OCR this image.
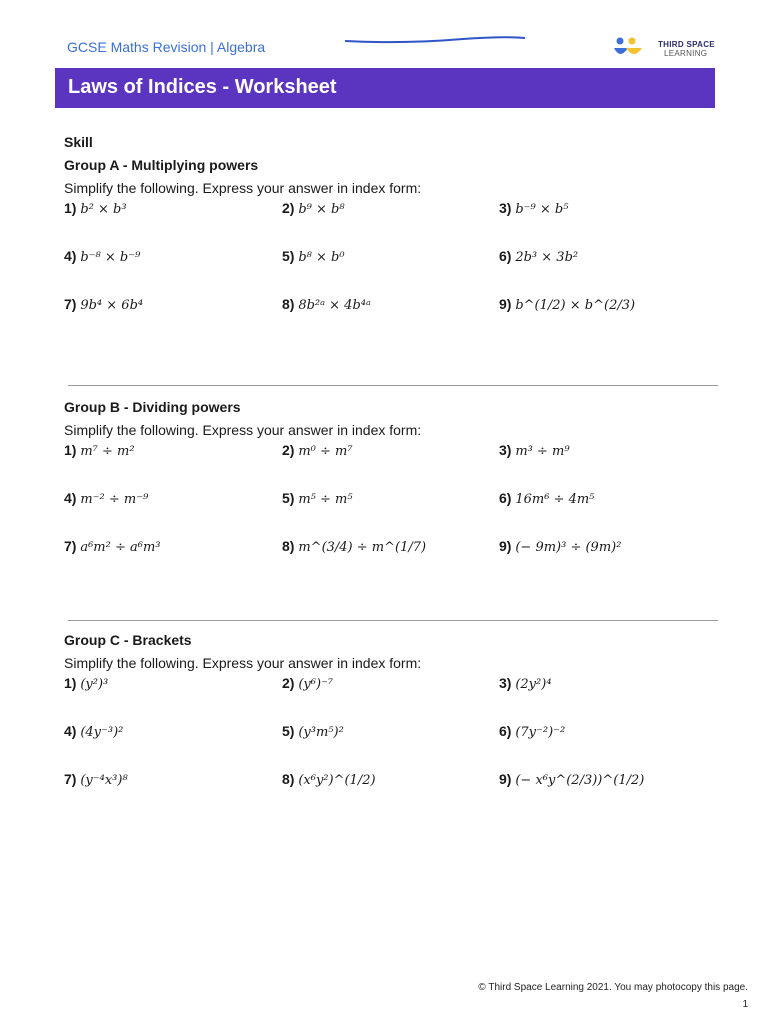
GCSE Maths Revision | Algebra	THIRD SPACE
LEARNING
Laws of Indices - Worksheet
Skill
Group A - Multiplying powers
Simplify the following. Express your answer in index form:
1) b² × b³	2) b⁹ × b⁸	3) b⁻⁹ × b⁵
4) b⁻⁸ × b⁻⁹	5) b⁸ × b⁰	6) 2b³ × 3b²
7) 9b⁴ × 6b⁴	8) 8b²ᵃ × 4b⁴ᵃ	9) b^(1/2) × b^(2/3)
Group B - Dividing powers
Simplify the following. Express your answer in index form:
1) m⁷ ÷ m²	2) m⁰ ÷ m⁷	3) m³ ÷ m⁹
4) m⁻² ÷ m⁻⁹	5) m⁵ ÷ m⁵	6) 16m⁶ ÷ 4m⁵
7) a⁶m² ÷ a⁶m³	8) m^(3/4) ÷ m^(1/7)	9) (− 9m)³ ÷ (9m)²
Group C - Brackets
Simplify the following. Express your answer in index form:
1) (y²)³	2) (y⁶)⁻⁷	3) (2y²)⁴
4) (4y⁻³)²	5) (y³m⁵)²	6) (7y⁻²)⁻²
7) (y⁻⁴x³)⁸	8) (x⁶y²)^(1/2)	9) (− x⁶y^(2/3))^(1/2)
© Third Space Learning 2021. You may photocopy this page.
1
